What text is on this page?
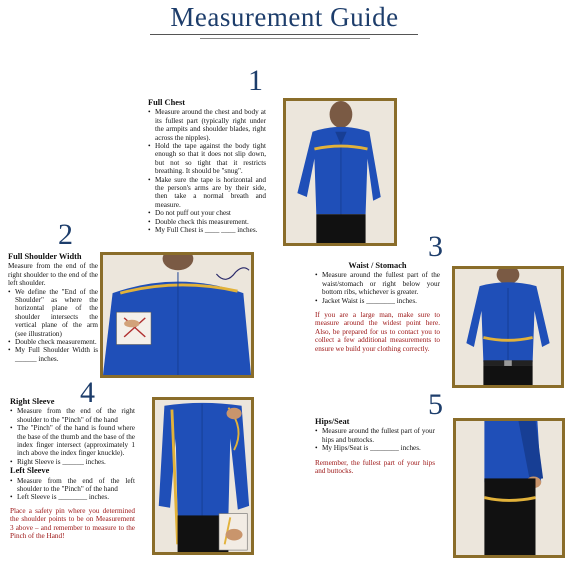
Measurement Guide
1
Full Chest
• Measure around the chest and body at its fullest part (typically right under the armpits and shoulder blades, right across the nipples).
• Hold the tape against the body tight enough so that it does not slip down, but not so tight that it restricts breathing. It should be "snug".
• Make sure the tape is horizontal and the person's arms are by their side, then take a normal breath and measure.
• Do not puff out your chest
• Double check this measurement.
• My Full Chest is ____ ____ inches.
2
Full Shoulder Width

Measure from the end of the right shoulder to the end of the left shoulder.

• We define the "End of the Shoulder" as where the horizontal plane of the shoulder intersects the vertical plane of the arm (see illustration)
• Double check measurement.
• My Full Shoulder Width is ______ inches.
3
Waist / Stomach
• Measure around the fullest part of the waist/stomach or right below your bottom ribs, whichever is greater.
• Jacket Waist is ________ inches.

If you are a large man, make sure to measure around the widest point here. Also, be prepared for us to contact you to collect a few additional measurements to ensure we build your clothing correctly.

4
Right Sleeve
• Measure from the end of the right shoulder to the "Pinch" of the hand
• The "Pinch" of the hand is found where the base of the thumb and the base of the index finger intersect (approximately 1 inch above the index finger knuckle).
• Right Sleeve is ______ inches.
Left Sleeve
• Measure from the end of the left shoulder to the "Pinch" of the hand
• Left Sleeve is ________ inches.

Place a safety pin where you determined the shoulder points to be on Measurement 3 above – and remember to measure to the Pinch of the Hand!

5
Hips/Seat
• Measure around the fullest part of your hips and buttocks.
• My Hips/Seat is ________ inches.

Remember, the fullest part of your hips and buttocks.
